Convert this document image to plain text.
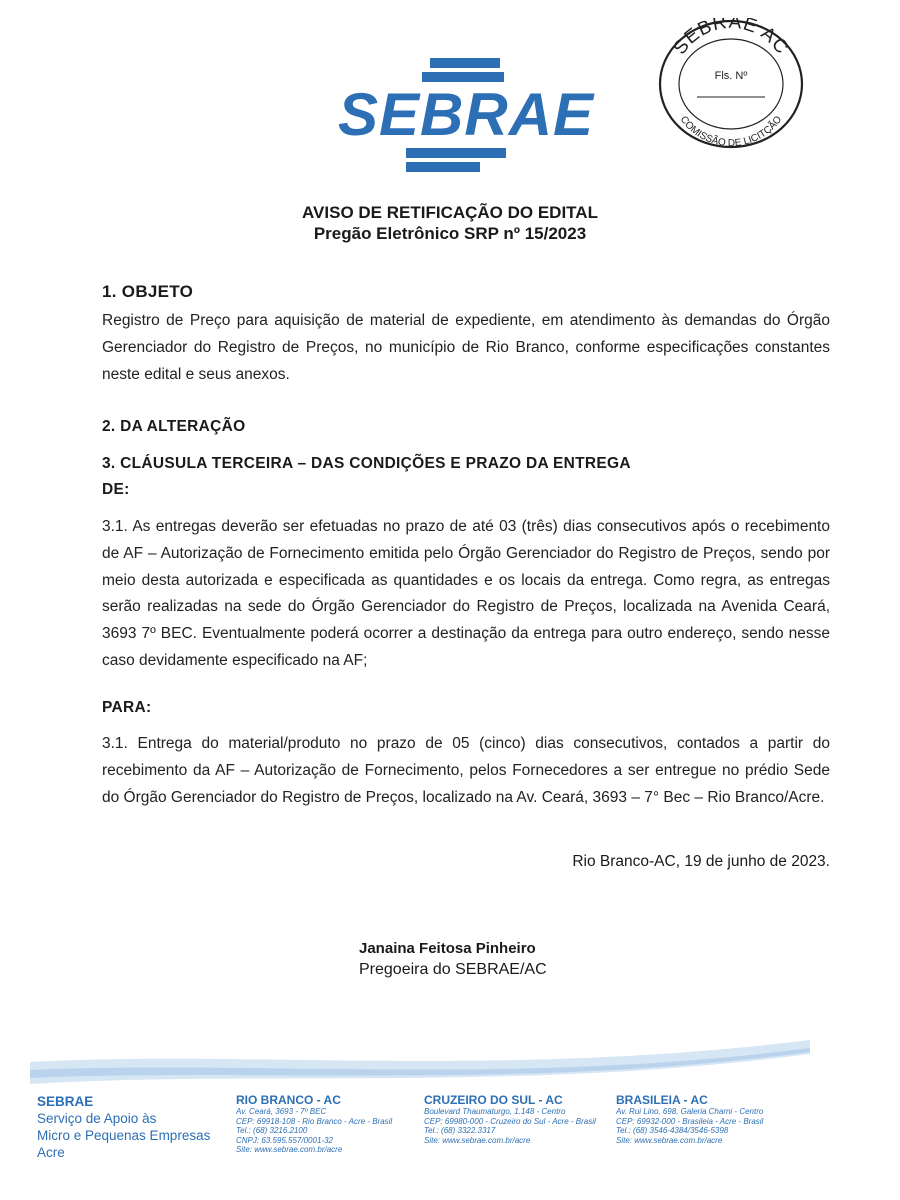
SEBRAE
SEBRAE AC
Fls. Nº
COMISSÃO DE LICITÇÃO
AVISO DE RETIFICAÇÃO DO EDITAL
Pregão Eletrônico SRP nº 15/2023
1. OBJETO
Registro de Preço para aquisição de material de expediente, em atendimento às demandas do Órgão Gerenciador do Registro de Preços, no município de Rio Branco, conforme especificações constantes neste edital e seus anexos.
2. DA ALTERAÇÃO
3. CLÁUSULA TERCEIRA – DAS CONDIÇÕES E PRAZO DA ENTREGA
DE:
3.1. As entregas deverão ser efetuadas no prazo de até 03 (três) dias consecutivos após o recebimento de AF – Autorização de Fornecimento emitida pelo Órgão Gerenciador do Registro de Preços, sendo por meio desta autorizada e especificada as quantidades e os locais da entrega. Como regra, as entregas serão realizadas na sede do Órgão Gerenciador do Registro de Preços, localizada na Avenida Ceará, 3693 7º BEC. Eventualmente poderá ocorrer a destinação da entrega para outro endereço, sendo nesse caso devidamente especificado na AF;
PARA:
3.1. Entrega do material/produto no prazo de 05 (cinco) dias consecutivos, contados a partir do recebimento da AF – Autorização de Fornecimento, pelos Fornecedores a ser entregue no prédio Sede do Órgão Gerenciador do Registro de Preços, localizado na Av. Ceará, 3693 – 7° Bec – Rio Branco/Acre.
Rio Branco-AC, 19 de junho de 2023.
Janaina Feitosa Pinheiro
Pregoeira do SEBRAE/AC
SEBRAE
Serviço de Apoio às
Micro e Pequenas Empresas
Acre
RIO BRANCO - AC
Av. Ceará, 3693 - 7º BEC
CEP: 69918-108 - Rio Branco - Acre - Brasil
Tel.: (68) 3216.2100
CNPJ: 63.595.557/0001-32
Site: www.sebrae.com.br/acre
CRUZEIRO DO SUL - AC
Boulevard Thaumaturgo, 1.148 - Centro
CEP: 69980-000 - Cruzeiro do Sul - Acre - Brasil
Tel.: (68) 3322.3317
Site: www.sebrae.com.br/acre
BRASILEIA - AC
Av. Rui Lino, 698, Galeria Charni - Centro
CEP: 69932-000 - Brasileia - Acre - Brasil
Tel.: (68) 3546-4384/3546-5398
Site: www.sebrae.com.br/acre
